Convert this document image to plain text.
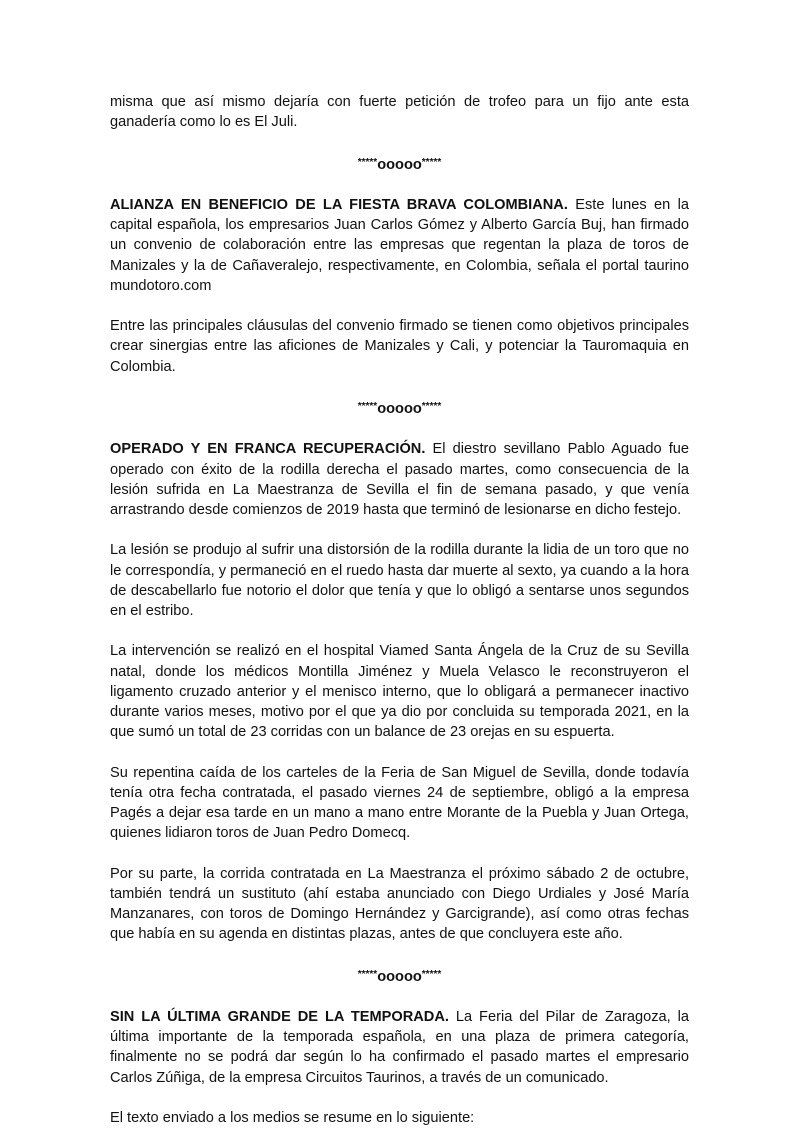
misma que así mismo dejaría con fuerte petición de trofeo para un fijo ante esta ganadería como lo es El Juli.

*****ooooo*****

ALIANZA EN BENEFICIO DE LA FIESTA BRAVA COLOMBIANA. Este lunes en la capital española, los empresarios Juan Carlos Gómez y Alberto García Buj, han firmado un convenio de colaboración entre las empresas que regentan la plaza de toros de Manizales y la de Cañaveralejo, respectivamente, en Colombia, señala el portal taurino mundotoro.com

Entre las principales cláusulas del convenio firmado se tienen como objetivos principales crear sinergias entre las aficiones de Manizales y Cali, y potenciar la Tauromaquia en Colombia.

*****ooooo*****

OPERADO Y EN FRANCA RECUPERACIÓN. El diestro sevillano Pablo Aguado fue operado con éxito de la rodilla derecha el pasado martes, como consecuencia de la lesión sufrida en La Maestranza de Sevilla el fin de semana pasado, y que venía arrastrando desde comienzos de 2019 hasta que terminó de lesionarse en dicho festejo.

La lesión se produjo al sufrir una distorsión de la rodilla durante la lidia de un toro que no le correspondía, y permaneció en el ruedo hasta dar muerte al sexto, ya cuando a la hora de descabellarlo fue notorio el dolor que tenía y que lo obligó a sentarse unos segundos en el estribo.

La intervención se realizó en el hospital Viamed Santa Ángela de la Cruz de su Sevilla natal, donde los médicos Montilla Jiménez y Muela Velasco le reconstruyeron el ligamento cruzado anterior y el menisco interno, que lo obligará a permanecer inactivo durante varios meses, motivo por el que ya dio por concluida su temporada 2021, en la que sumó un total de 23 corridas con un balance de 23 orejas en su espuerta.

Su repentina caída de los carteles de la Feria de San Miguel de Sevilla, donde todavía tenía otra fecha contratada, el pasado viernes 24 de septiembre, obligó a la empresa Pagés a dejar esa tarde en un mano a mano entre Morante de la Puebla y Juan Ortega, quienes lidiaron toros de Juan Pedro Domecq.

Por su parte, la corrida contratada en La Maestranza el próximo sábado 2 de octubre, también tendrá un sustituto (ahí estaba anunciado con Diego Urdiales y José María Manzanares, con toros de Domingo Hernández y Garcigrande), así como otras fechas que había en su agenda en distintas plazas, antes de que concluyera este año.

*****ooooo*****

SIN LA ÚLTIMA GRANDE DE LA TEMPORADA. La Feria del Pilar de Zaragoza, la última importante de la temporada española, en una plaza de primera categoría, finalmente no se podrá dar según lo ha confirmado el pasado martes el empresario Carlos Zúñiga, de la empresa Circuitos Taurinos, a través de un comunicado.

El texto enviado a los medios se resume en lo siguiente:
